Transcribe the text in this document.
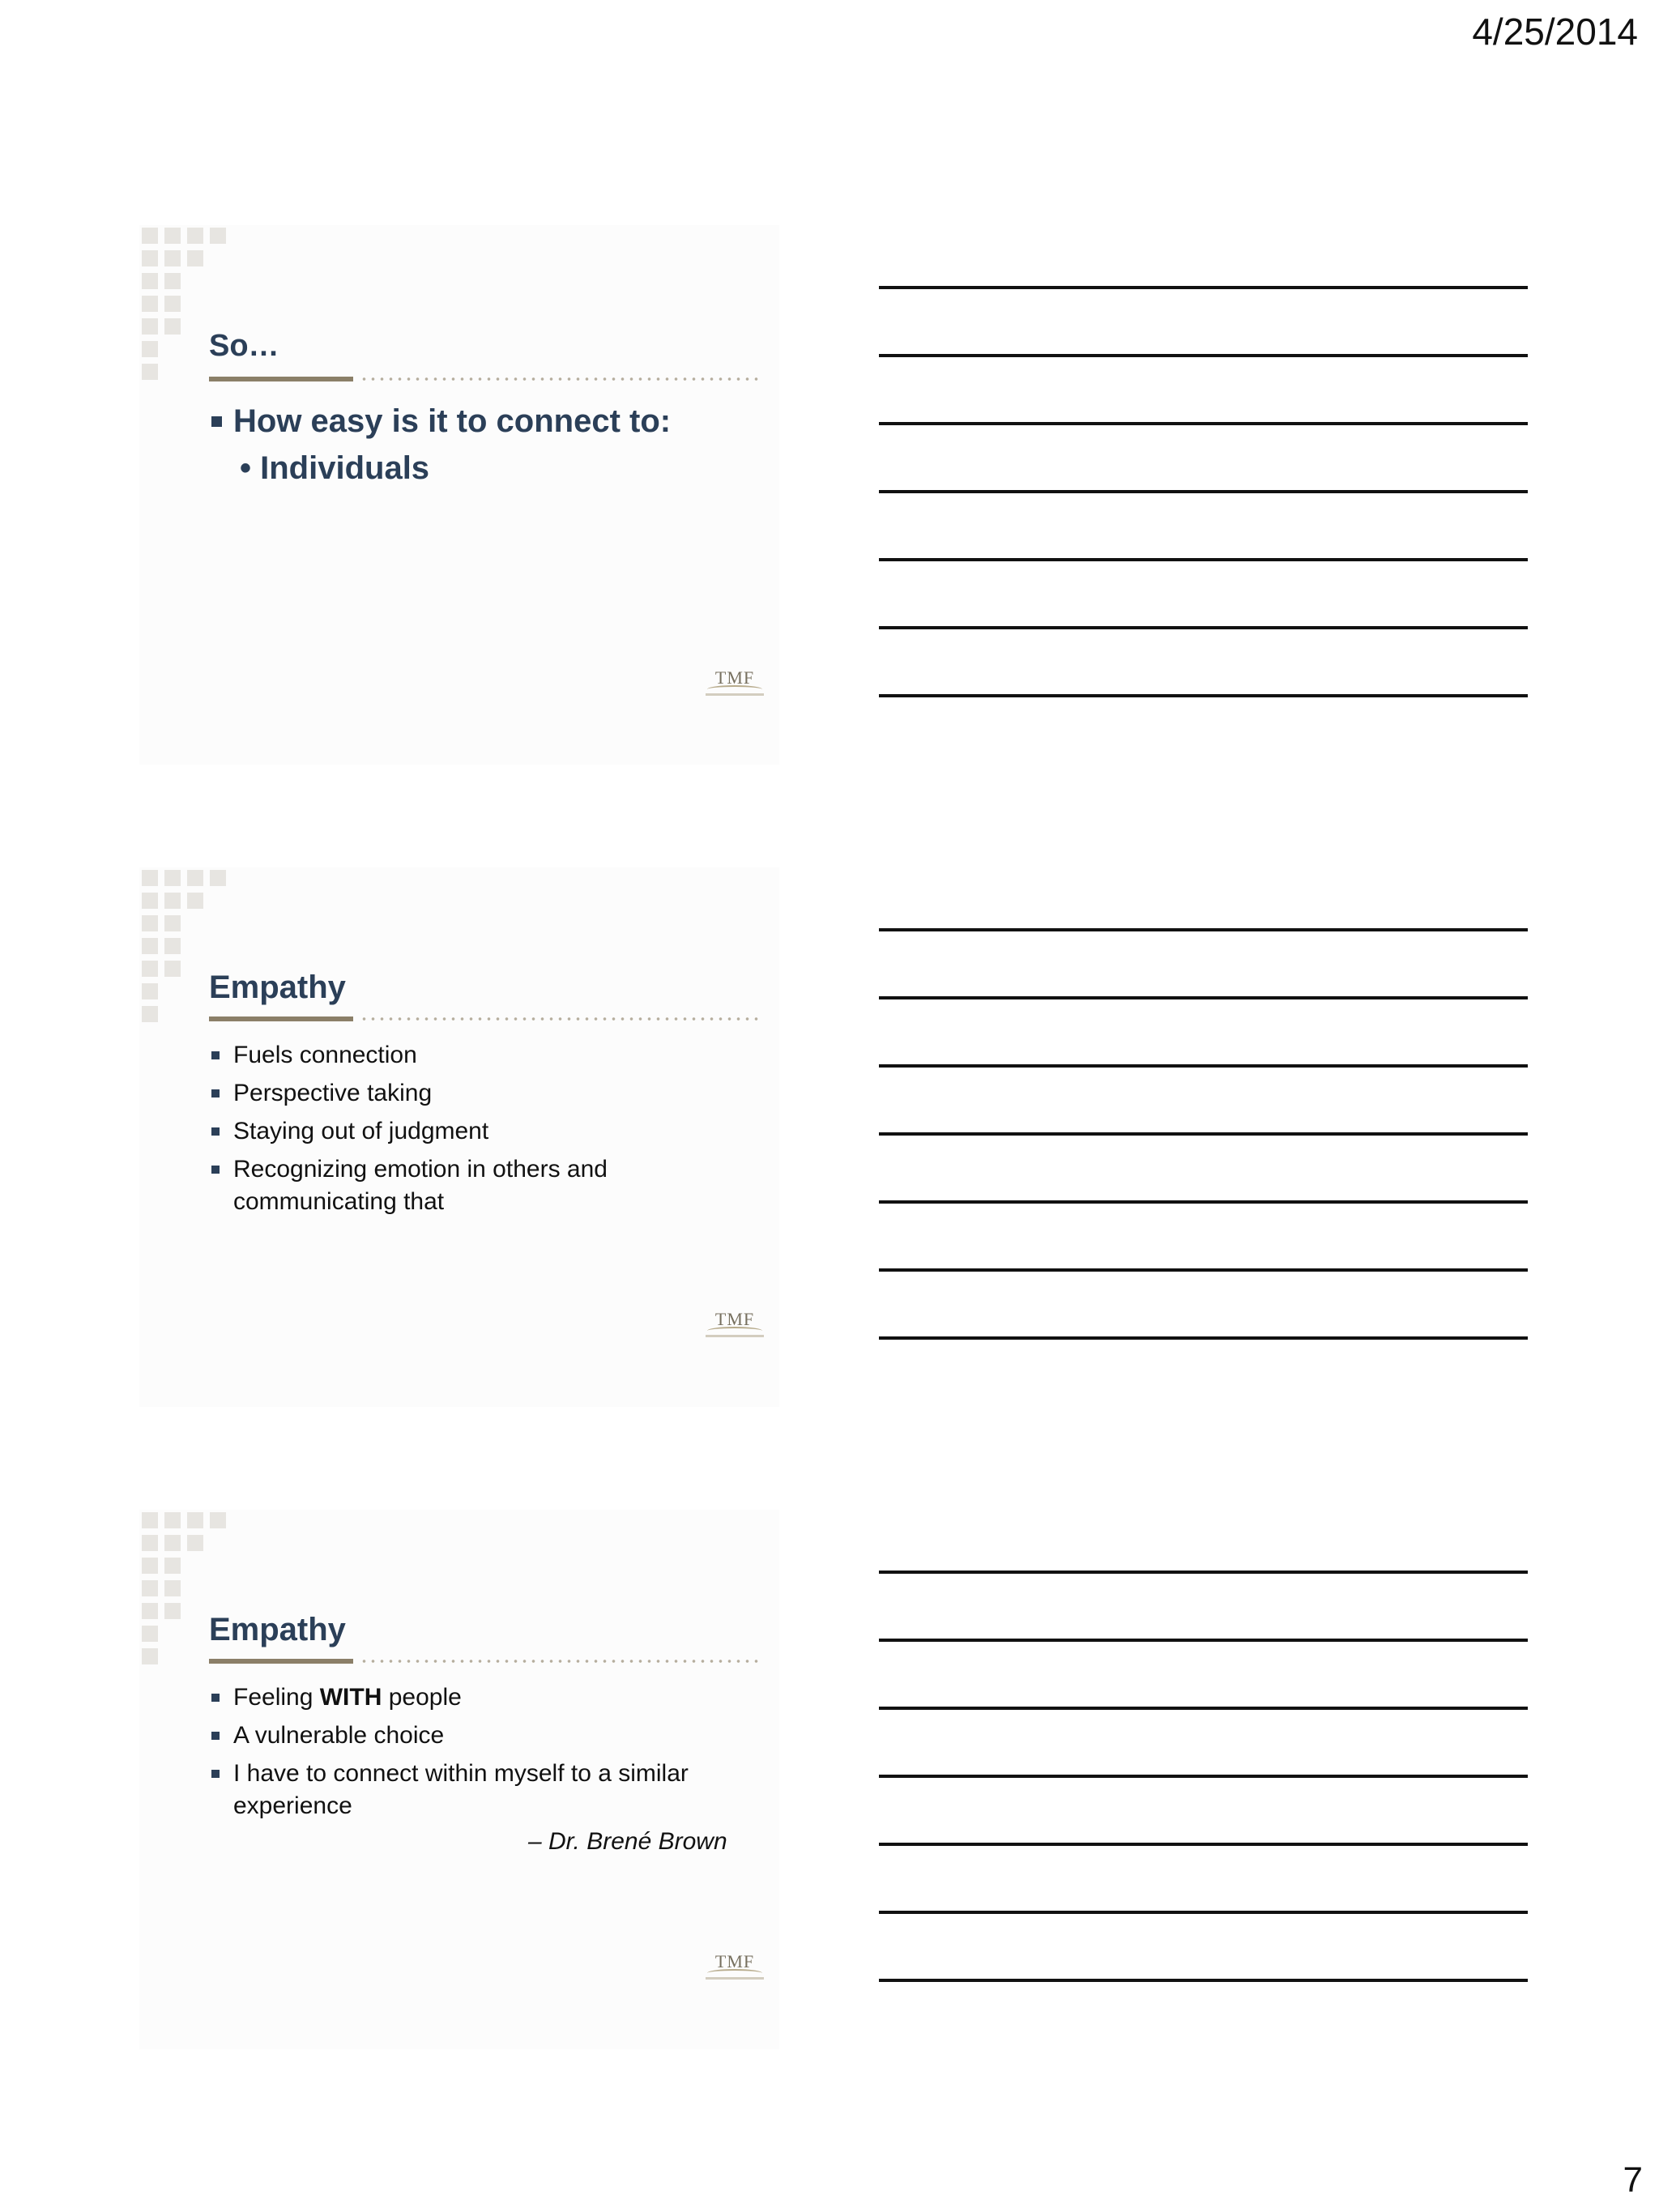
4/25/2014
So…
How easy is it to connect to:
• Individuals
TMF
Empathy
Fuels connection
Perspective taking
Staying out of judgment
Recognizing emotion in others and communicating that
TMF
Empathy
Feeling WITH people
A vulnerable choice
I have to connect within myself to a similar experience
– Dr. Brené Brown
TMF
7
